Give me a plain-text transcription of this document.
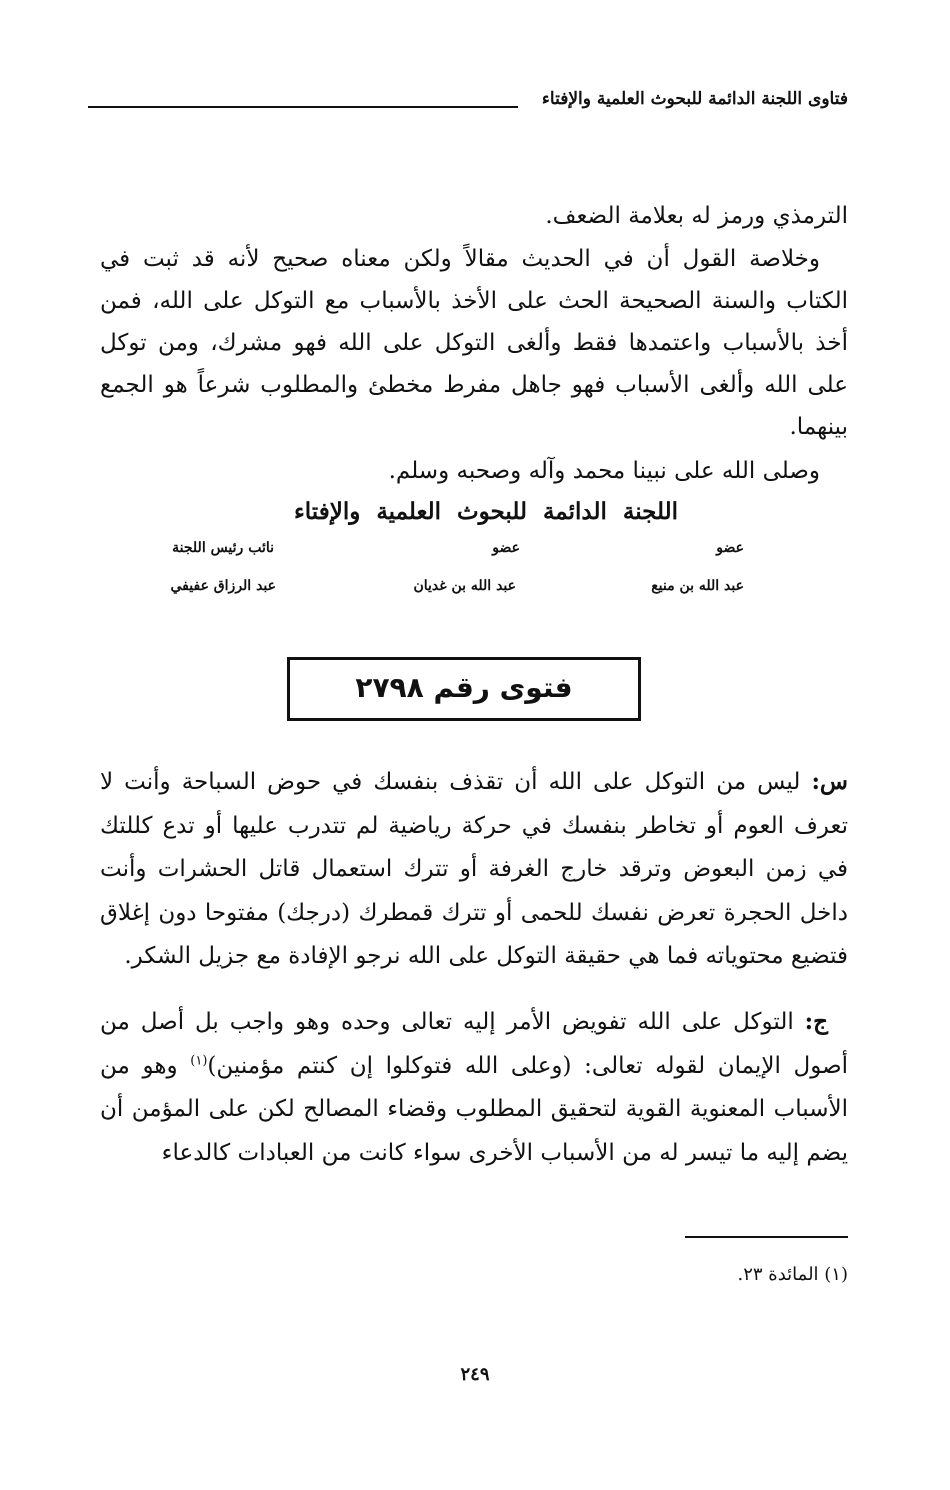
فتاوى اللجنة الدائمة للبحوث العلمية والإفتاء

الترمذي ورمز له بعلامة الضعف.

وخلاصة القول أن في الحديث مقالاً ولكن معناه صحيح لأنه قد ثبت في الكتاب والسنة الصحيحة الحث على الأخذ بالأسباب مع التوكل على الله، فمن أخذ بالأسباب واعتمدها فقط وألغى التوكل على الله فهو مشرك، ومن توكل على الله وألغى الأسباب فهو جاهل مفرط مخطئ والمطلوب شرعاً هو الجمع بينهما.

وصلى الله على نبينا محمد وآله وصحبه وسلم.

اللجنة الدائمة للبحوث العلمية والإفتاء
عضو
عضو
نائب رئيس اللجنة
عبد الله بن منيع
عبد الله بن غديان
عبد الرزاق عفيفي
فتوى رقم ٢٧٩٨

س: ليس من التوكل على الله أن تقذف بنفسك في حوض السباحة وأنت لا تعرف العوم أو تخاطر بنفسك في حركة رياضية لم تتدرب عليها أو تدع كللتك في زمن البعوض وترقد خارج الغرفة أو تترك استعمال قاتل الحشرات وأنت داخل الحجرة تعرض نفسك للحمى أو تترك قمطرك (درجك) مفتوحا دون إغلاق فتضيع محتوياته فما هي حقيقة التوكل على الله نرجو الإفادة مع جزيل الشكر.

ج: التوكل على الله تفويض الأمر إليه تعالى وحده وهو واجب بل أصل من أصول الإيمان لقوله تعالى: (وعلى الله فتوكلوا إن كنتم مؤمنين)$^{(١)}$ وهو من الأسباب المعنوية القوية لتحقيق المطلوب وقضاء المصالح لكن على المؤمن أن يضم إليه ما تيسر له من الأسباب الأخرى سواء كانت من العبادات كالدعاء

(١) المائدة ٢٣.
٢٤٩
